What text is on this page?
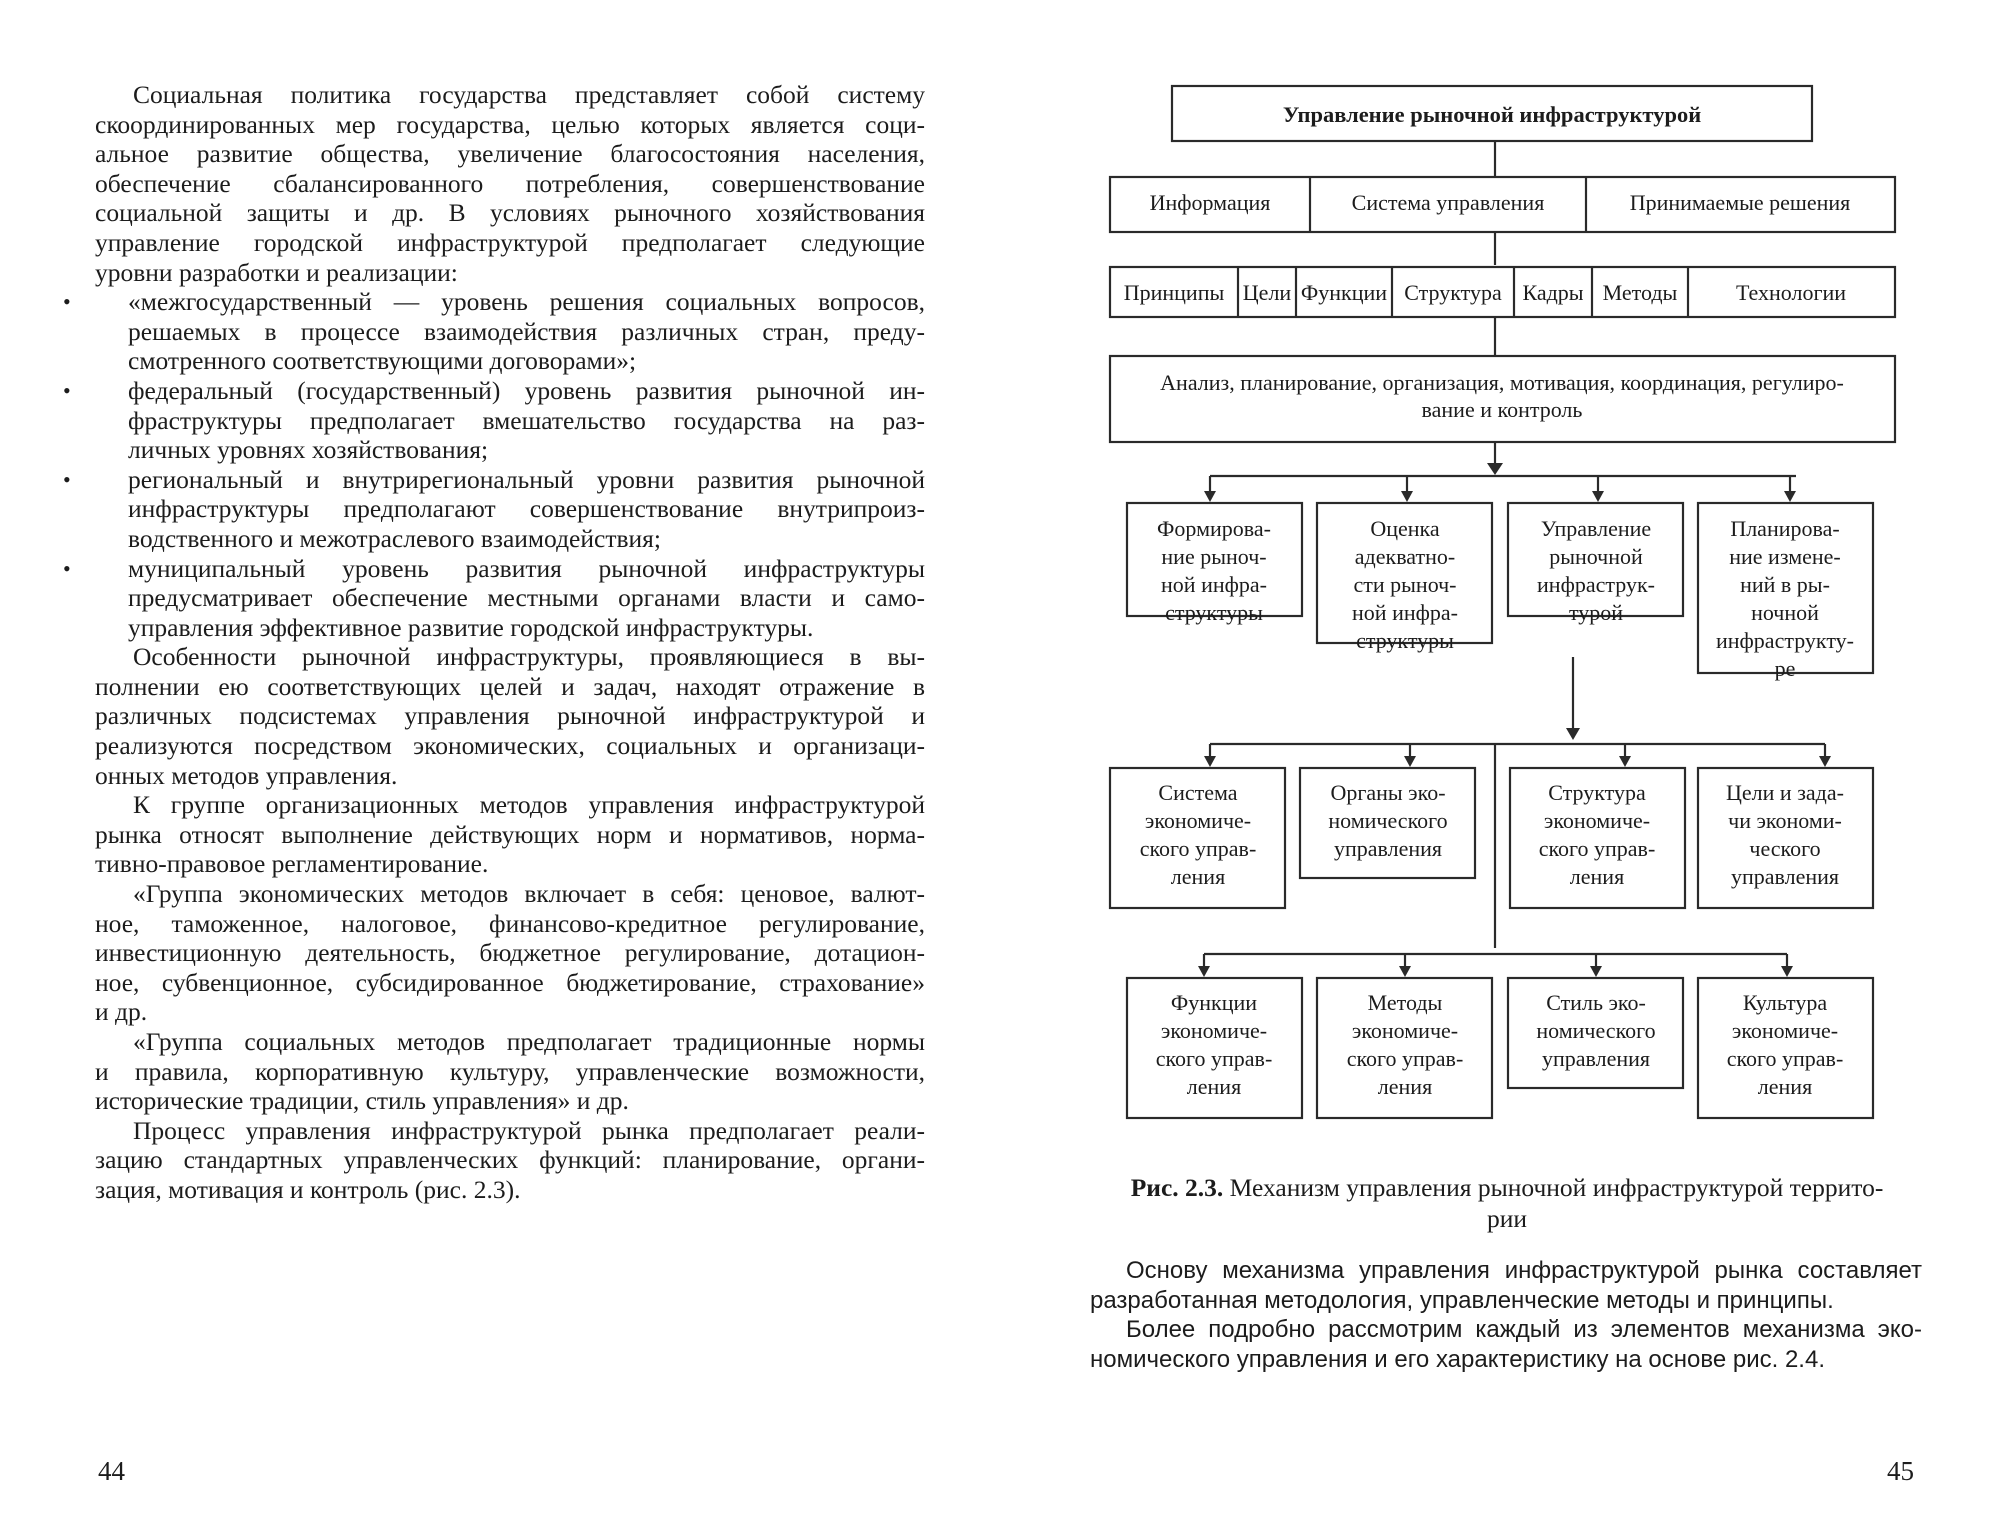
Социальная политика государства представляет собой систему
скоординированных мер государства, целью которых является соци-
альное развитие общества, увеличение благосостояния населения,
обеспечение сбалансированного потребления, совершенствование
социальной защиты и др. В условиях рыночного хозяйствования
управление городской инфраструктурой предполагает следующие
уровни разработки и реализации:
• «межгосударственный — уровень решения социальных вопросов,
решаемых в процессе взаимодействия различных стран, преду-
смотренного соответствующими договорами»;
• федеральный (государственный) уровень развития рыночной ин-
фраструктуры предполагает вмешательство государства на раз-
личных уровнях хозяйствования;
• региональный и внутрирегиональный уровни развития рыночной
инфраструктуры предполагают совершенствование внутрипроиз-
водственного и межотраслевого взаимодействия;
• муниципальный уровень развития рыночной инфраструктуры
предусматривает обеспечение местными органами власти и само-
управления эффективное развитие городской инфраструктуры.
Особенности рыночной инфраструктуры, проявляющиеся в вы-
полнении ею соответствующих целей и задач, находят отражение в
различных подсистемах управления рыночной инфраструктурой и
реализуются посредством экономических, социальных и организаци-
онных методов управления.
К группе организационных методов управления инфраструктурой
рынка относят выполнение действующих норм и нормативов, норма-
тивно-правовое регламентирование.
«Группа экономических методов включает в себя: ценовое, валют-
ное, таможенное, налоговое, финансово-кредитное регулирование,
инвестиционную деятельность, бюджетное регулирование, дотацион-
ное, субвенционное, субсидированное бюджетирование, страхование»
и др.
«Группа социальных методов предполагает традиционные нормы
и правила, корпоративную культуру, управленческие возможности,
исторические традиции, стиль управления» и др.
Процесс управления инфраструктурой рынка предполагает реали-
зацию стандартных управленческих функций: планирование, органи-
зация, мотивация и контроль (рис. 2.3).
44
Управление рыночной инфраструктурой
Информация	Система управления	Принимаемые решения
Принципы Цели Функции Структура Кадры Методы	Технологии
Анализ, планирование, организация, мотивация, координация, регулиро-
вание и контроль
Формирова-
ние рыноч-
ной инфра-
структуры
Оценка
адекватно-
сти рыноч-
ной инфра-
структуры
Управление
рыночной
инфраструк-
турой
Планирова-
ние измене-
ний в ры-
ночной
инфраструкту-
ре
Система
экономиче-
ского управ-
ления
Органы эко-
номического
управления
Структура
экономиче-
ского управ-
ления
Цели и зада-
чи экономи-
ческого
управления
Функции
экономиче-
ского управ-
ления
Методы
экономиче-
ского управ-
ления
Стиль эко-
номического
управления
Культура
экономиче-
ского управ-
ления
Рис. 2.3. Механизм управления рыночной инфраструктурой террито-
рии
Основу механизма управления инфраструктурой рынка составляет
разработанная методология, управленческие методы и принципы.
Более подробно рассмотрим каждый из элементов механизма эко-
номического управления и его характеристику на основе рис. 2.4.
45
